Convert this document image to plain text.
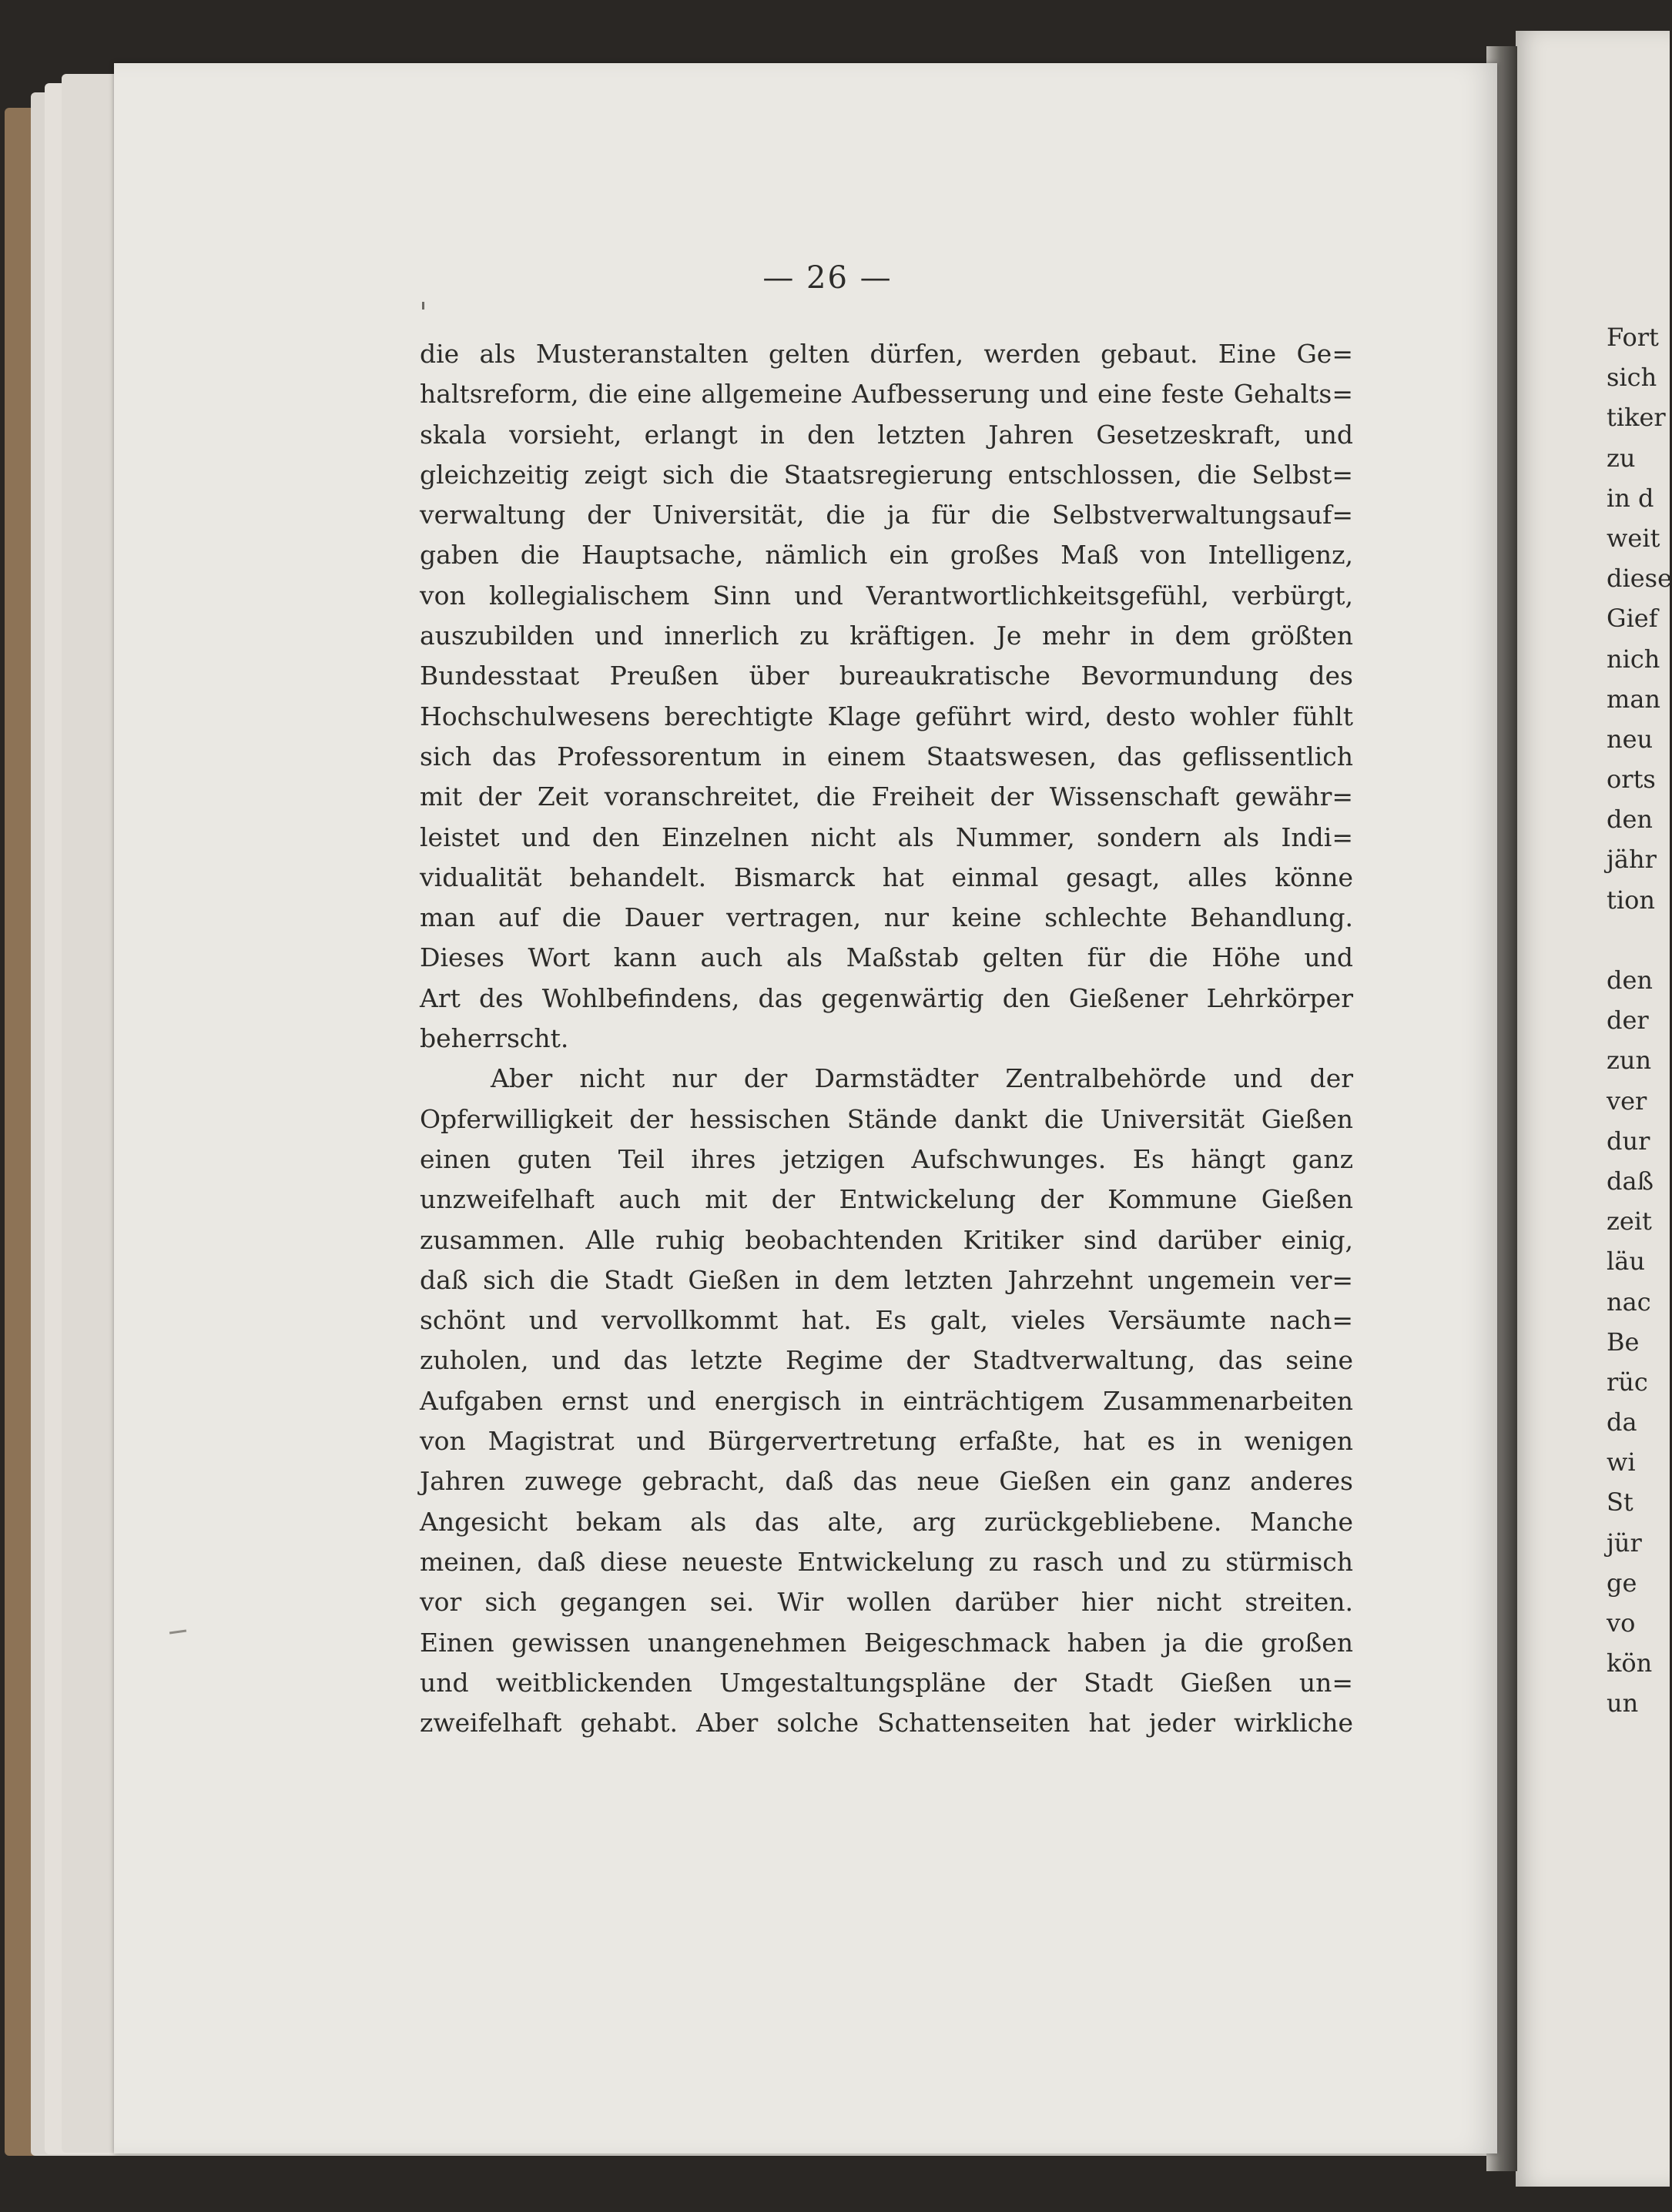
— 26 —
die als Musteranstalten gelten dürfen, werden gebaut. Eine Ge=
haltsreform, die eine allgemeine Aufbesserung und eine feste Gehalts=
skala vorsieht, erlangt in den letzten Jahren Gesetzeskraft, und
gleichzeitig zeigt sich die Staatsregierung entschlossen, die Selbst=
verwaltung der Universität, die ja für die Selbstverwaltungsauf=
gaben die Hauptsache, nämlich ein großes Maß von Intelligenz,
von kollegialischem Sinn und Verantwortlichkeitsgefühl, verbürgt,
auszubilden und innerlich zu kräftigen. Je mehr in dem größten
Bundesstaat Preußen über bureaukratische Bevormundung des
Hochschulwesens berechtigte Klage geführt wird, desto wohler fühlt
sich das Professorentum in einem Staatswesen, das geflissentlich
mit der Zeit voranschreitet, die Freiheit der Wissenschaft gewähr=
leistet und den Einzelnen nicht als Nummer, sondern als Indi=
vidualität behandelt. Bismarck hat einmal gesagt, alles könne
man auf die Dauer vertragen, nur keine schlechte Behandlung.
Dieses Wort kann auch als Maßstab gelten für die Höhe und
Art des Wohlbefindens, das gegenwärtig den Gießener Lehrkörper
beherrscht.
Aber nicht nur der Darmstädter Zentralbehörde und der
Opferwilligkeit der hessischen Stände dankt die Universität Gießen
einen guten Teil ihres jetzigen Aufschwunges. Es hängt ganz
unzweifelhaft auch mit der Entwickelung der Kommune Gießen
zusammen. Alle ruhig beobachtenden Kritiker sind darüber einig,
daß sich die Stadt Gießen in dem letzten Jahrzehnt ungemein ver=
schönt und vervollkommt hat. Es galt, vieles Versäumte nach=
zuholen, und das letzte Regime der Stadtverwaltung, das seine
Aufgaben ernst und energisch in einträchtigem Zusammenarbeiten
von Magistrat und Bürgervertretung erfaßte, hat es in wenigen
Jahren zuwege gebracht, daß das neue Gießen ein ganz anderes
Angesicht bekam als das alte, arg zurückgebliebene. Manche
meinen, daß diese neueste Entwickelung zu rasch und zu stürmisch
vor sich gegangen sei. Wir wollen darüber hier nicht streiten.
Einen gewissen unangenehmen Beigeschmack haben ja die großen
und weitblickenden Umgestaltungspläne der Stadt Gießen un=
zweifelhaft gehabt. Aber solche Schattenseiten hat jeder wirkliche
Fort
sich
tiker
zu
in d
weit
diese
Gief
nich
man
neu
orts
den
jähr
tion
den
der
zun
ver
dur
daß
zeit
läu
nac
Be
rüc
da
wi
St
jür
ge
vo
kön
un
